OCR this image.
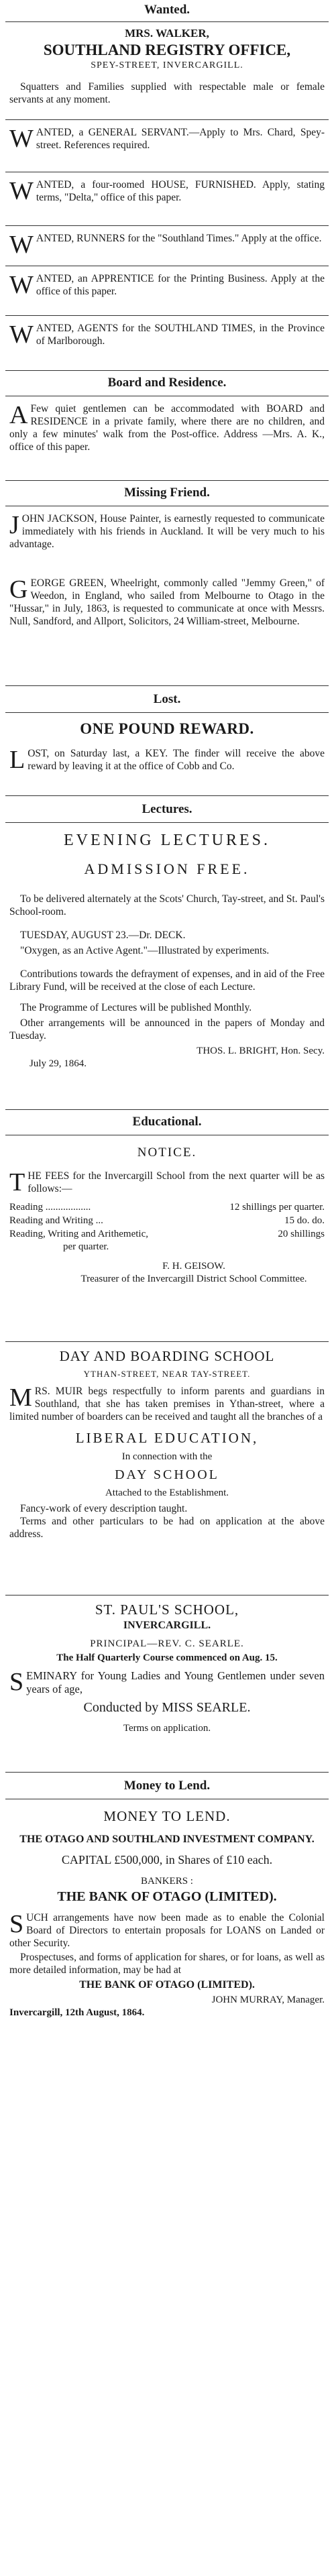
Wanted.
MRS. WALKER,
SOUTHLAND REGISTRY OFFICE,
SPEY-STREET, INVERCARGILL.

Squatters and Families supplied with respectable male or female servants at any moment.

WANTED, a GENERAL SERVANT.—Apply to Mrs. Chard, Spey-street. References required.

WANTED, a four-roomed HOUSE, FURNISHED. Apply, stating terms, "Delta," office of this paper.

WANTED, RUNNERS for the "Southland Times." Apply at the office.

WANTED, an APPRENTICE for the Printing Business. Apply at the office of this paper.

WANTED, AGENTS for the SOUTHLAND TIMES, in the Province of Marlborough.

Board and Residence.

AFew quiet gentlemen can be accommodated with BOARD and RESIDENCE in a private family, where there are no children, and only a few minutes' walk from the Post-office. Address —Mrs. A. K., office of this paper.

Missing Friend.

JOHN JACKSON, House Painter, is earnestly requested to communicate immediately with his friends in Auckland. It will be very much to his advantage.

GEORGE GREEN, Wheelright, commonly called "Jemmy Green," of Weedon, in England, who sailed from Melbourne to Otago in the "Hussar," in July, 1863, is requested to communicate at once with Messrs. Null, Sandford, and Allport, Solicitors, 24 William-street, Melbourne.

Lost.
ONE POUND REWARD.

LOST, on Saturday last, a KEY. The finder will receive the above reward by leaving it at the office of Cobb and Co.

Lectures.
EVENING LECTURES.
ADMISSION FREE.

To be delivered alternately at the Scots' Church, Tay-street, and St. Paul's School-room.

TUESDAY, AUGUST 23.—Dr. DECK.

"Oxygen, as an Active Agent."—Illustrated by experiments.

Contributions towards the defrayment of expenses, and in aid of the Free Library Fund, will be received at the close of each Lecture.

The Programme of Lectures will be published Monthly.

Other arrangements will be announced in the papers of Monday and Tuesday.

THOS. L. BRIGHT, Hon. Secy.
July 29, 1864.
Educational.
NOTICE.

THE FEES for the Invercargill School from the next quarter will be as follows:—

Reading ..................	12 shillings per quarter.
Reading and Writing ...	15 do. do.
Reading, Writing and Arithemetic,	20 shillings
per quarter.
F. H. GEISOW.
Treasurer of the Invercargill District School Committee.
DAY AND BOARDING SCHOOL
YTHAN-STREET, NEAR TAY-STREET.

MRS. MUIR begs respectfully to inform parents and guardians in Southland, that she has taken premises in Ythan-street, where a limited number of boarders can be received and taught all the branches of a

LIBERAL EDUCATION,
In connection with the
DAY SCHOOL
Attached to the Establishment.

Fancy-work of every description taught.

Terms and other particulars to be had on application at the above address.

ST. PAUL'S SCHOOL,
INVERCARGILL.
PRINCIPAL—REV. C. SEARLE.
The Half Quarterly Course commenced on Aug. 15.

SEMINARY for Young Ladies and Young Gentlemen under seven years of age,

Conducted by MISS SEARLE.
Terms on application.
Money to Lend.
MONEY TO LEND.
THE OTAGO AND SOUTHLAND INVESTMENT COMPANY.
CAPITAL £500,000, in Shares of £10 each.
BANKERS :
THE BANK OF OTAGO (LIMITED).

SUCH arrangements have now been made as to enable the Colonial Board of Directors to entertain proposals for LOANS on Landed or other Security.

Prospectuses, and forms of application for shares, or for loans, as well as more detailed information, may be had at

THE BANK OF OTAGO (LIMITED).
JOHN MURRAY, Manager.
Invercargill, 12th August, 1864.
